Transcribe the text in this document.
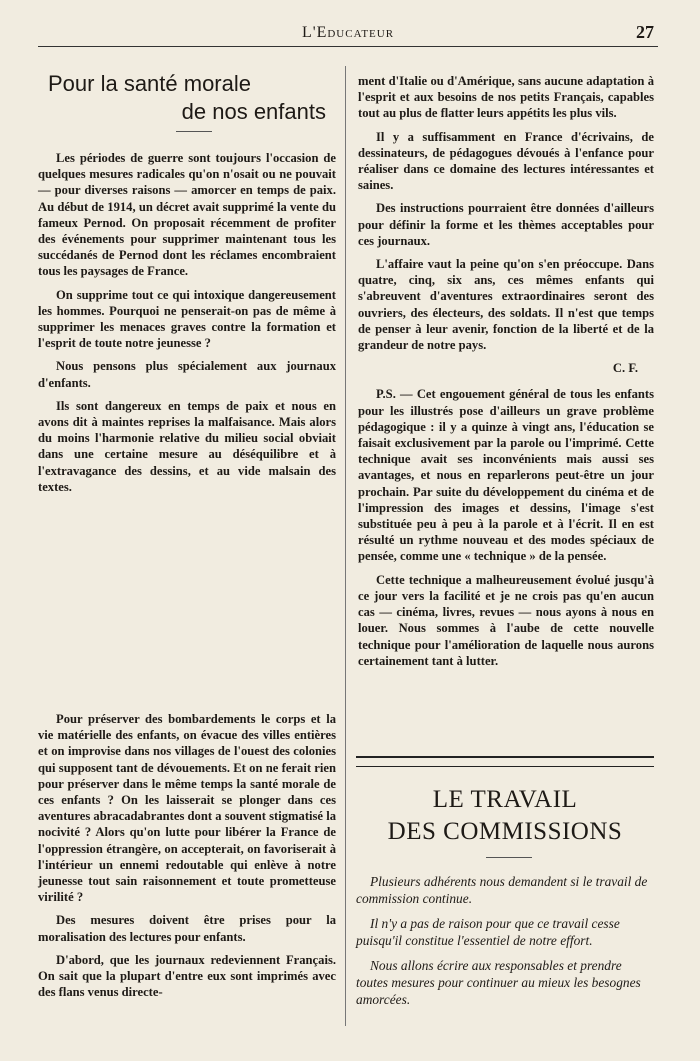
L'Educateur	27
Pour la santé morale
de nos enfants

Les périodes de guerre sont toujours l'occasion de quelques mesures radicales qu'on n'osait ou ne pouvait — pour diverses raisons — amorcer en temps de paix. Au début de 1914, un décret avait supprimé la vente du fameux Pernod. On proposait récemment de profiter des événements pour supprimer maintenant tous les succédanés de Pernod dont les réclames encombraient tous les paysages de France.

On supprime tout ce qui intoxique dangereusement les hommes. Pourquoi ne penserait-on pas de même à supprimer les menaces graves contre la formation et l'esprit de toute notre jeunesse ?

Nous pensons plus spécialement aux journaux d'enfants.

Ils sont dangereux en temps de paix et nous en avons dit à maintes reprises la malfaisance. Mais alors du moins l'harmonie relative du milieu social obviait dans une certaine mesure au déséquilibre et à l'extravagance des dessins, et au vide malsain des textes.

Pour préserver des bombardements le corps et la vie matérielle des enfants, on évacue des villes entières et on improvise dans nos villages de l'ouest des colonies qui supposent tant de dévouements. Et on ne ferait rien pour préserver dans le même temps la santé morale de ces enfants ? On les laisserait se plonger dans ces aventures abracadabrantes dont a souvent stigmatisé la nocivité ? Alors qu'on lutte pour libérer la France de l'oppression étrangère, on accepterait, on favoriserait à l'intérieur un ennemi redoutable qui enlève à notre jeunesse tout sain raisonnement et toute prometteuse virilité ?

Des mesures doivent être prises pour la moralisation des lectures pour enfants.

D'abord, que les journaux redeviennent Français. On sait que la plupart d'entre eux sont imprimés avec des flans venus directe-

ment d'Italie ou d'Amérique, sans aucune adaptation à l'esprit et aux besoins de nos petits Français, capables tout au plus de flatter leurs appétits les plus vils.

Il y a suffisamment en France d'écrivains, de dessinateurs, de pédagogues dévoués à l'enfance pour réaliser dans ce domaine des lectures intéressantes et saines.

Des instructions pourraient être données d'ailleurs pour définir la forme et les thèmes acceptables pour ces journaux.

L'affaire vaut la peine qu'on s'en préoccupe. Dans quatre, cinq, six ans, ces mêmes enfants qui s'abreuvent d'aventures extraordinaires seront des ouvriers, des électeurs, des soldats. Il n'est que temps de penser à leur avenir, fonction de la liberté et de la grandeur de notre pays.

C. F.

P.S. — Cet engouement général de tous les enfants pour les illustrés pose d'ailleurs un grave problème pédagogique : il y a quinze à vingt ans, l'éducation se faisait exclusivement par la parole ou l'imprimé. Cette technique avait ses inconvénients mais aussi ses avantages, et nous en reparlerons peut-être un jour prochain. Par suite du développement du cinéma et de l'impression des images et dessins, l'image s'est substituée peu à peu à la parole et à l'écrit. Il en est résulté un rythme nouveau et des modes spéciaux de pensée, comme une « technique » de la pensée.

Cette technique a malheureusement évolué jusqu'à ce jour vers la facilité et je ne crois pas qu'en aucun cas — cinéma, livres, revues — nous ayons à nous en louer. Nous sommes à l'aube de cette nouvelle technique pour l'amélioration de laquelle nous aurons certainement tant à lutter.

LE TRAVAIL
DES COMMISSIONS

Plusieurs adhérents nous demandent si le travail de commission continue.

Il n'y a pas de raison pour que ce travail cesse puisqu'il constitue l'essentiel de notre effort.

Nous allons écrire aux responsables et prendre toutes mesures pour continuer au mieux les besognes amorcées.
